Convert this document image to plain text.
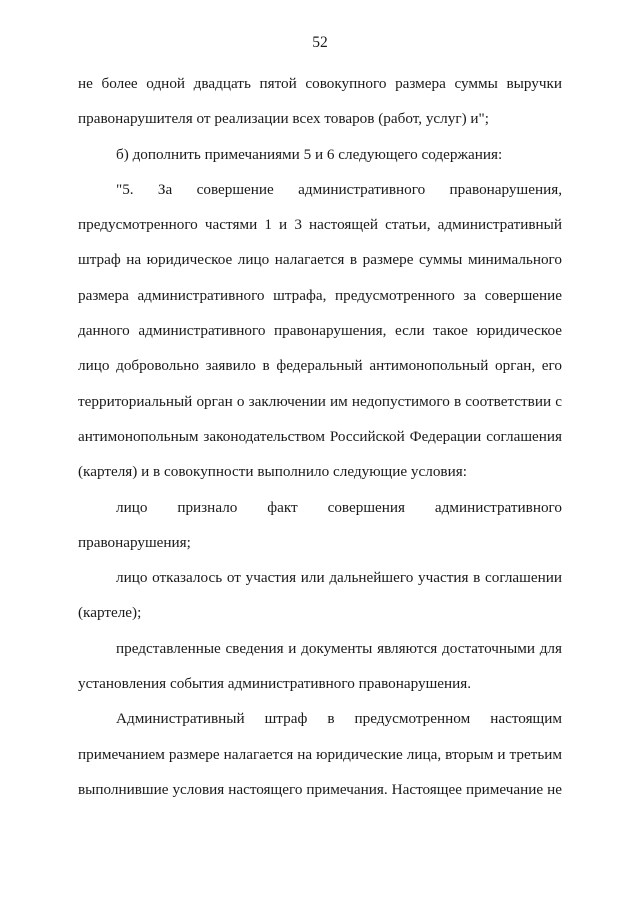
52
не более одной двадцать пятой совокупного размера суммы выручки
правонарушителя от реализации всех товаров (работ, услуг) и";
б) дополнить примечаниями 5 и 6 следующего содержания:
"5. За совершение административного правонарушения,
предусмотренного частями 1 и 3 настоящей статьи, административный
штраф на юридическое лицо налагается в размере суммы минимального
размера административного штрафа, предусмотренного за совершение
данного административного правонарушения, если такое юридическое
лицо добровольно заявило в федеральный антимонопольный орган, его
территориальный орган о заключении им недопустимого в соответствии с
антимонопольным законодательством Российской Федерации соглашения
(картеля) и в совокупности выполнило следующие условия:
лицо признало факт совершения административного
правонарушения;
лицо отказалось от участия или дальнейшего участия в соглашении
(картеле);
представленные сведения и документы являются достаточными для
установления события административного правонарушения.
Административный штраф в предусмотренном настоящим
примечанием размере налагается на юридические лица, вторым и третьим
выполнившие условия настоящего примечания. Настоящее примечание не
